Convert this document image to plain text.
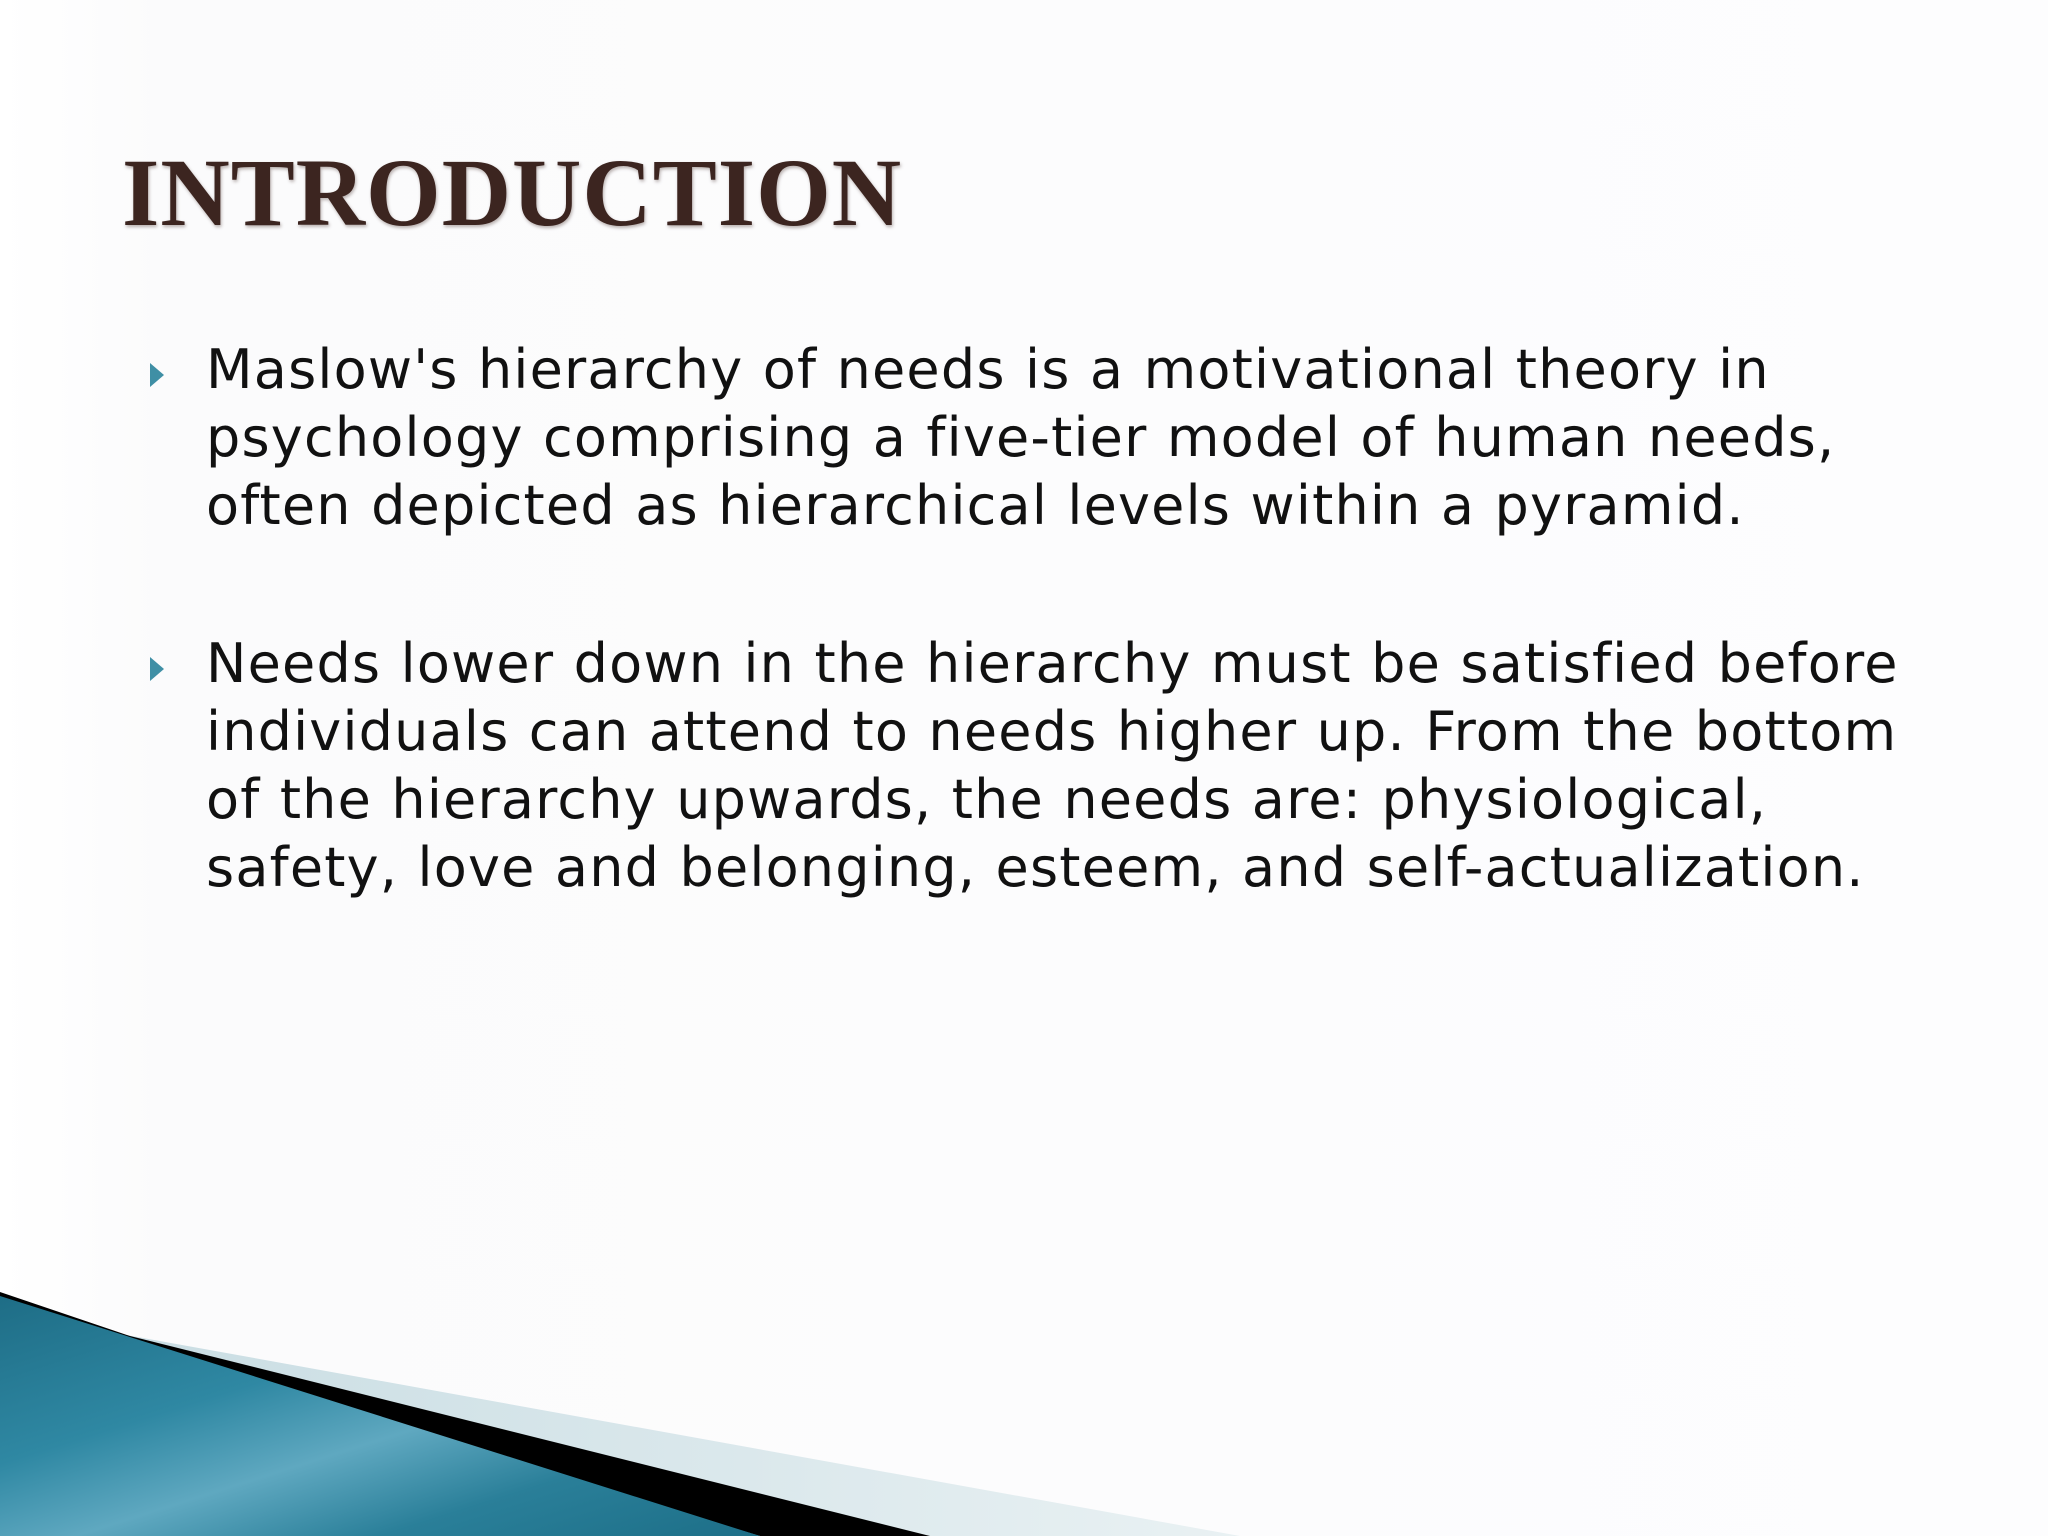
INTRODUCTION
Maslow's hierarchy of needs is a motivational theory in psychology comprising a five-tier model of human needs, often depicted as hierarchical levels within a pyramid.
Needs lower down in the hierarchy must be satisfied before individuals can attend to needs higher up. From the bottom of the hierarchy upwards, the needs are: physiological, safety, love and belonging, esteem, and self-actualization.
